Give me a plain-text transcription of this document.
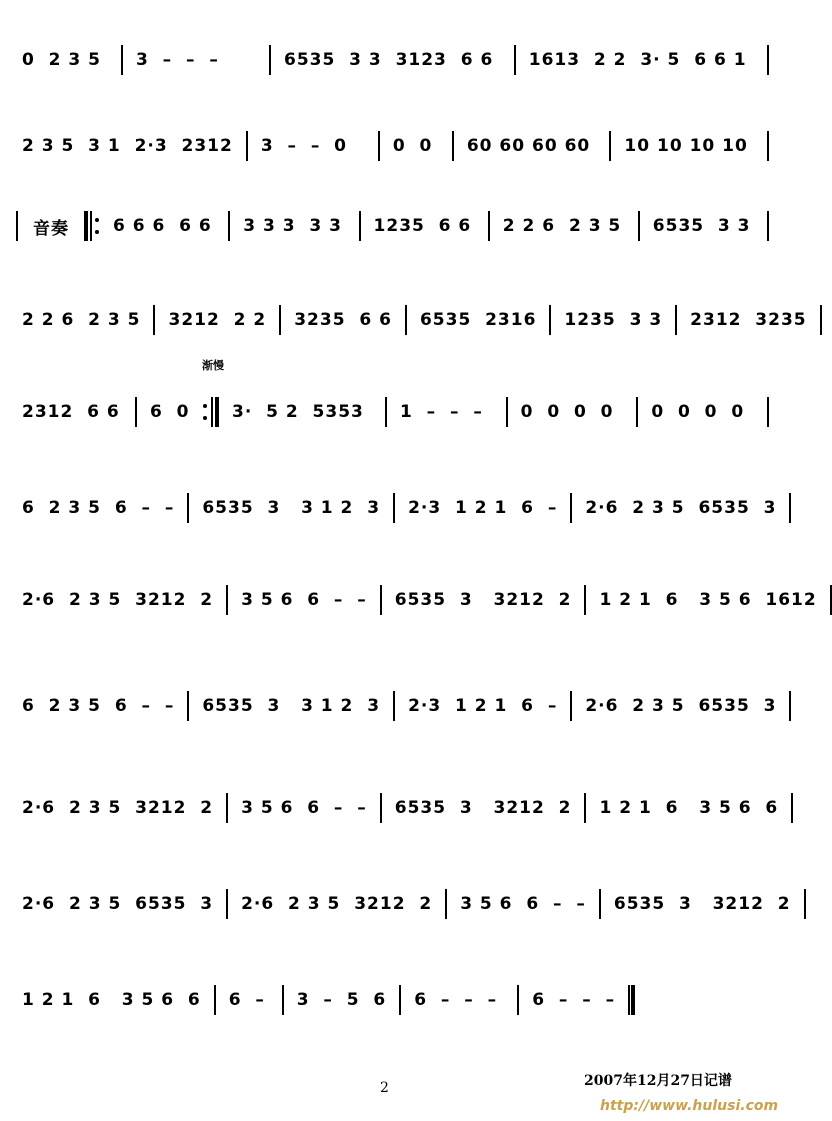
0  2 3 5	3  –  –  –	6535  3 3  3123  6 6	1613  2 2  3· 5  6 6 1
2 3 5  3 1  2·3  2312	3  –  –  0	0  0	60 60 60 60	10 10 10 10
音奏	6 6 6  6 6	3 3 3  3 3	1235  6 6	2 2 6  2 3 5	6535  3 3
2 2 6  2 3 5	3212  2 2	3235  6 6	6535  2316	1235  3 3	2312  3235
渐慢
2312  6 6	6  0	3·  5 2  5353	1  –  –  –	0  0  0  0	0  0  0  0
6  2 3 5  6  –  –	6535  3   3 1 2  3	2·3  1 2 1  6  –	2·6  2 3 5  6535  3
2·6  2 3 5  3212  2	3 5 6  6  –  –	6535  3   3212  2	1 2 1  6   3 5 6  1612
6  2 3 5  6  –  –	6535  3   3 1 2  3	2·3  1 2 1  6  –	2·6  2 3 5  6535  3
2·6  2 3 5  3212  2	3 5 6  6  –  –	6535  3   3212  2	1 2 1  6   3 5 6  6
2·6  2 3 5  6535  3	2·6  2 3 5  3212  2	3 5 6  6  –  –	6535  3   3212  2
1 2 1  6   3 5 6  6	6  –	3  –  5  6	6  –  –  –	6  –  –  –
2	2007年12月27日记谱
http://www.hulusi.com
